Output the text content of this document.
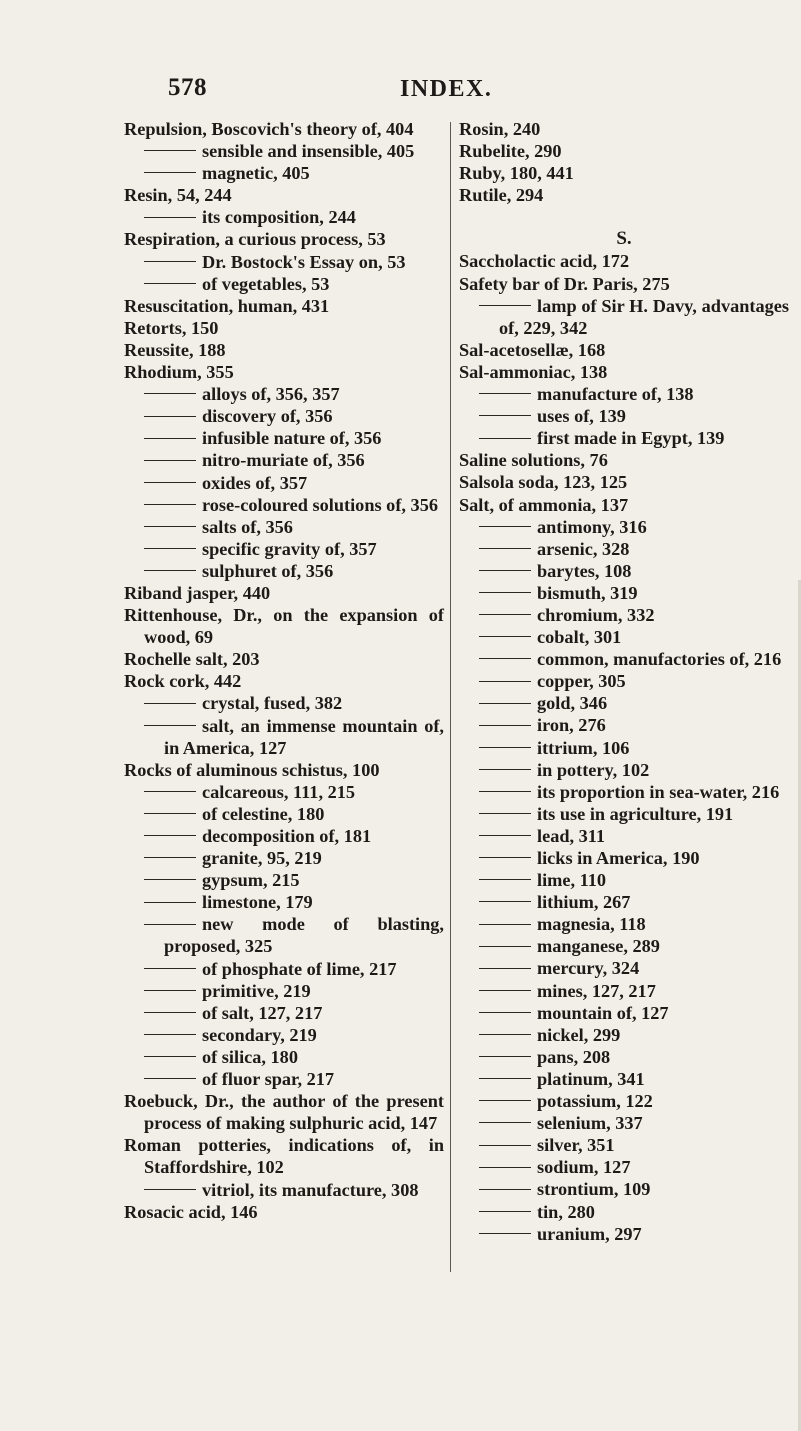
578	INDEX.
Repulsion, Boscovich's theory of, 404
sensible and insensible, 405
magnetic, 405
Resin, 54, 244
its composition, 244
Respiration, a curious process, 53
Dr. Bostock's Essay on, 53
of vegetables, 53
Resuscitation, human, 431
Retorts, 150
Reussite, 188
Rhodium, 355
alloys of, 356, 357
discovery of, 356
infusible nature of, 356
nitro-muriate of, 356
oxides of, 357
rose-coloured solutions of, 356
salts of, 356
specific gravity of, 357
sulphuret of, 356
Riband jasper, 440
Rittenhouse, Dr., on the expansion of wood, 69
Rochelle salt, 203
Rock cork, 442
crystal, fused, 382
salt, an immense mountain of, in America, 127
Rocks of aluminous schistus, 100
calcareous, 111, 215
of celestine, 180
decomposition of, 181
granite, 95, 219
gypsum, 215
limestone, 179
new mode of blasting, proposed, 325
of phosphate of lime, 217
primitive, 219
of salt, 127, 217
secondary, 219
of silica, 180
of fluor spar, 217
Roebuck, Dr., the author of the present process of making sulphuric acid, 147
Roman potteries, indications of, in Staffordshire, 102
vitriol, its manufacture, 308
Rosacic acid, 146
Rosin, 240
Rubelite, 290
Ruby, 180, 441
Rutile, 294
S.
Saccholactic acid, 172
Safety bar of Dr. Paris, 275
lamp of Sir H. Davy, advantages of, 229, 342
Sal-acetosellæ, 168
Sal-ammoniac, 138
manufacture of, 138
uses of, 139
first made in Egypt, 139
Saline solutions, 76
Salsola soda, 123, 125
Salt, of ammonia, 137
antimony, 316
arsenic, 328
barytes, 108
bismuth, 319
chromium, 332
cobalt, 301
common, manufactories of, 216
copper, 305
gold, 346
iron, 276
ittrium, 106
in pottery, 102
its proportion in sea-water, 216
its use in agriculture, 191
lead, 311
licks in America, 190
lime, 110
lithium, 267
magnesia, 118
manganese, 289
mercury, 324
mines, 127, 217
mountain of, 127
nickel, 299
pans, 208
platinum, 341
potassium, 122
selenium, 337
silver, 351
sodium, 127
strontium, 109
tin, 280
uranium, 297
